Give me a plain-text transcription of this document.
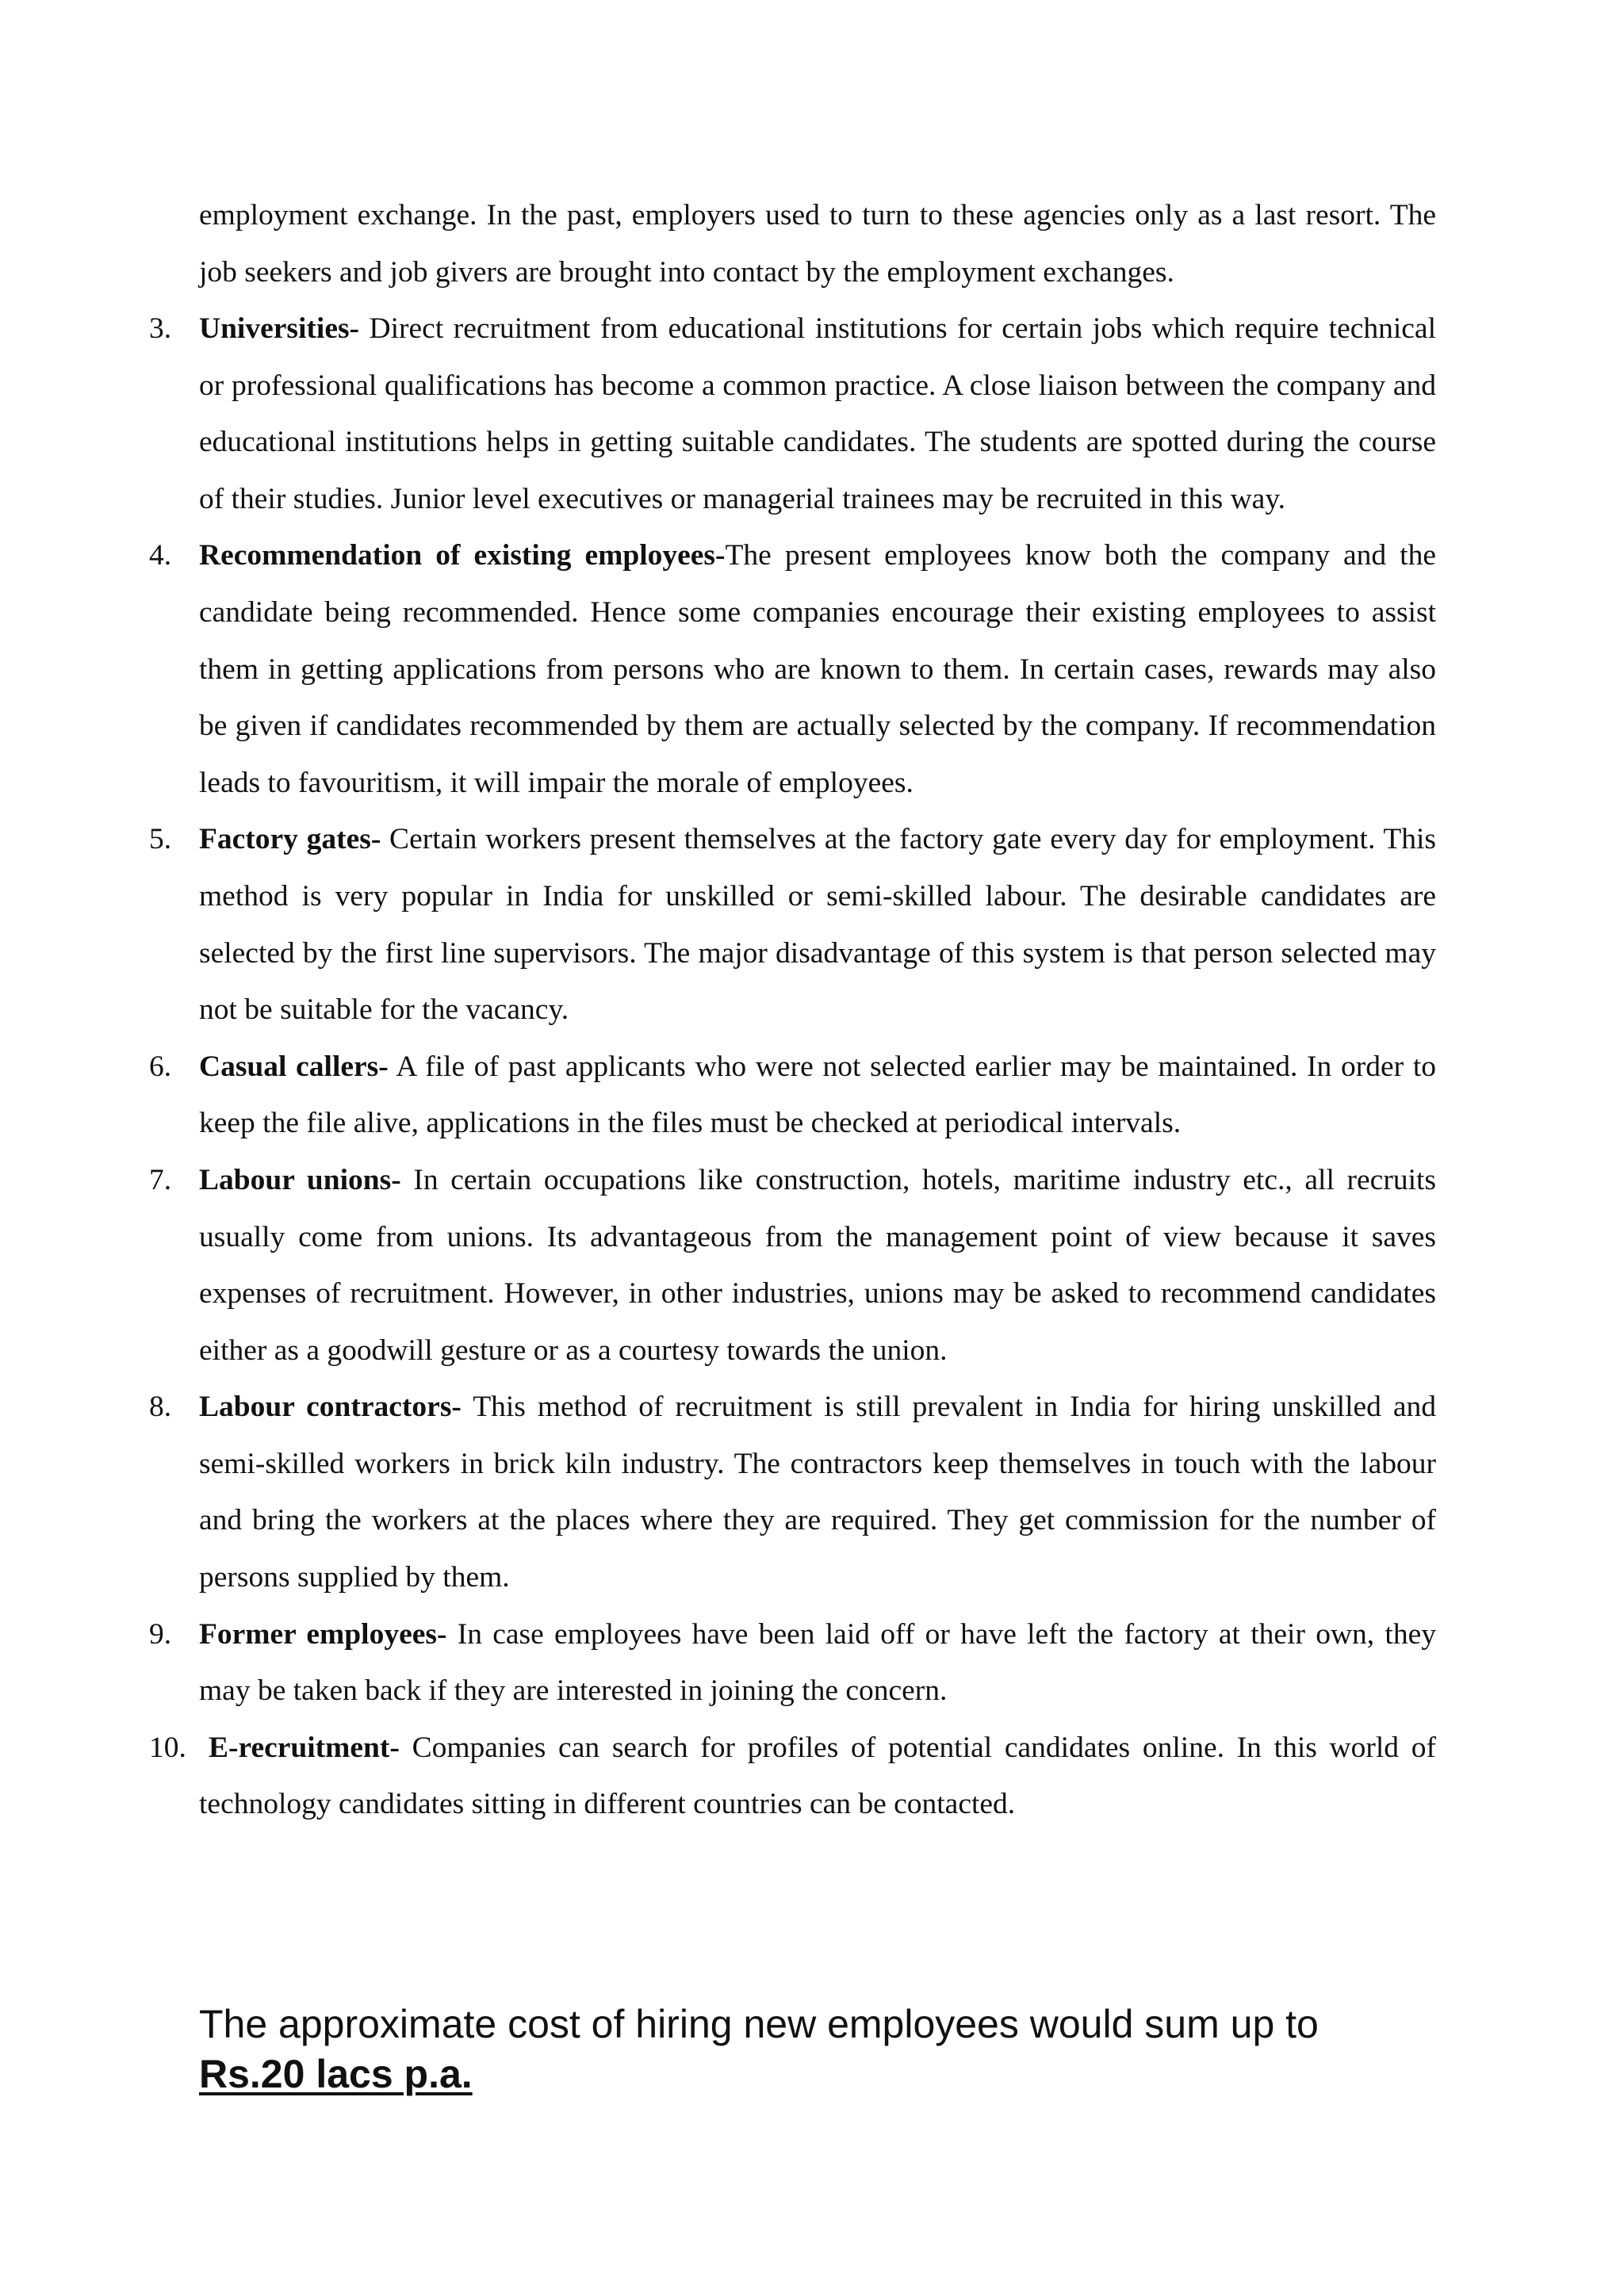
employment exchange. In the past, employers used to turn to these agencies only as a last resort. The job seekers and job givers are brought into contact by the employment exchanges.

3. Universities- Direct recruitment from educational institutions for certain jobs which require technical or professional qualifications has become a common practice. A close liaison between the company and educational institutions helps in getting suitable candidates. The students are spotted during the course of their studies. Junior level executives or managerial trainees may be recruited in this way.
4. Recommendation of existing employees-The present employees know both the company and the candidate being recommended. Hence some companies encourage their existing employees to assist them in getting applications from persons who are known to them. In certain cases, rewards may also be given if candidates recommended by them are actually selected by the company. If recommendation leads to favouritism, it will impair the morale of employees.
5. Factory gates- Certain workers present themselves at the factory gate every day for employment. This method is very popular in India for unskilled or semi-skilled labour. The desirable candidates are selected by the first line supervisors. The major disadvantage of this system is that person selected may not be suitable for the vacancy.
6. Casual callers- A file of past applicants who were not selected earlier may be maintained. In order to keep the file alive, applications in the files must be checked at periodical intervals.
7. Labour unions- In certain occupations like construction, hotels, maritime industry etc., all recruits usually come from unions. Its advantageous from the management point of view because it saves expenses of recruitment. However, in other industries, unions may be asked to recommend candidates either as a goodwill gesture or as a courtesy towards the union.
8. Labour contractors- This method of recruitment is still prevalent in India for hiring unskilled and semi-skilled workers in brick kiln industry. The contractors keep themselves in touch with the labour and bring the workers at the places where they are required. They get commission for the number of persons supplied by them.
9. Former employees- In case employees have been laid off or have left the factory at their own, they may be taken back if they are interested in joining the concern.
10. E-recruitment- Companies can search for profiles of potential candidates online. In this world of technology candidates sitting in different countries can be contacted.
The approximate cost of hiring new employees would sum up to
Rs.20 lacs p.a.
